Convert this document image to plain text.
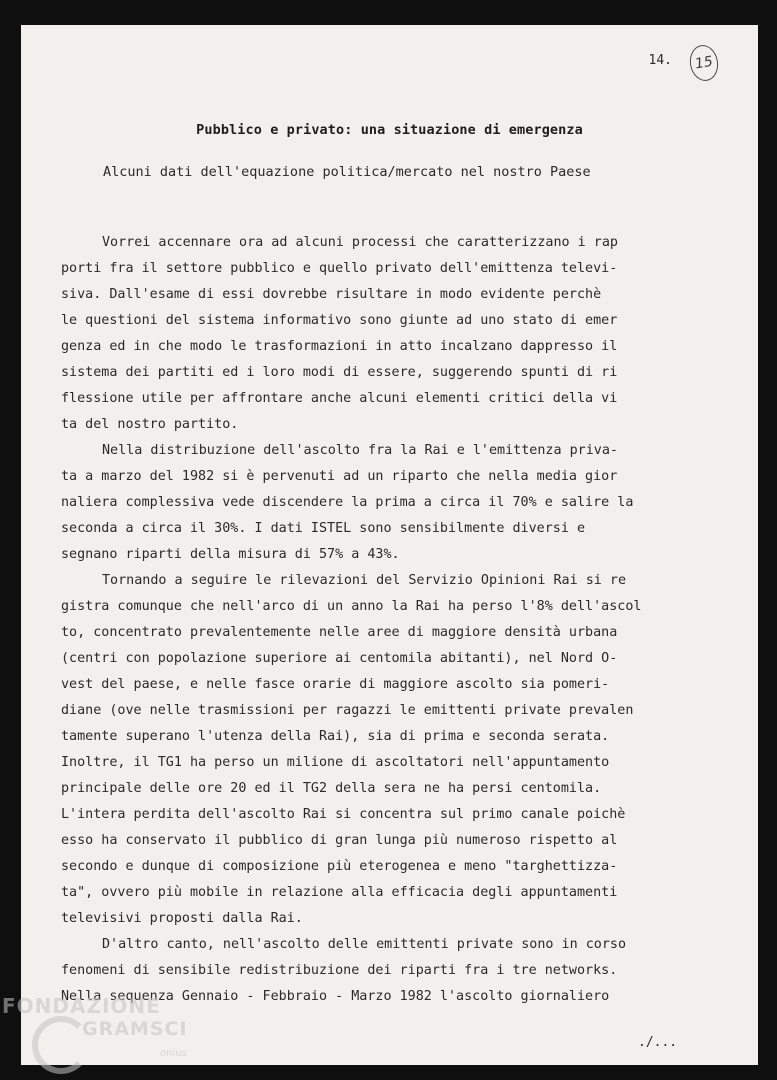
14.	15
Pubblico e privato: una situazione di emergenza
Alcuni dati dell'equazione politica/mercato nel nostro Paese
Vorrei accennare ora ad alcuni processi che caratterizzano i rap
porti fra il settore pubblico e quello privato dell'emittenza televi-
siva. Dall'esame di essi dovrebbe risultare in modo evidente perchè
le questioni del sistema informativo sono giunte ad uno stato di emer
genza ed in che modo le trasformazioni in atto incalzano dappresso il
sistema dei partiti ed i loro modi di essere, suggerendo spunti di ri
flessione utile per affrontare anche alcuni elementi critici della vi
ta del nostro partito.
Nella distribuzione dell'ascolto fra la Rai e l'emittenza priva-
ta a marzo del 1982 si è pervenuti ad un riparto che nella media gior
naliera complessiva vede discendere la prima a circa il 70% e salire la
seconda a circa il 30%. I dati ISTEL sono sensibilmente diversi e
segnano riparti della misura di 57% a 43%.
Tornando a seguire le rilevazioni del Servizio Opinioni Rai si re
gistra comunque che nell'arco di un anno la Rai ha perso l'8% dell'ascol
to, concentrato prevalentemente nelle aree di maggiore densità urbana
(centri con popolazione superiore ai centomila abitanti), nel Nord O-
vest del paese, e nelle fasce orarie di maggiore ascolto sia pomeri-
diane (ove nelle trasmissioni per ragazzi le emittenti private prevalen
tamente superano l'utenza della Rai), sia di prima e seconda serata.
Inoltre, il TG1 ha perso un milione di ascoltatori nell'appuntamento
principale delle ore 20 ed il TG2 della sera ne ha persi centomila.
L'intera perdita dell'ascolto Rai si concentra sul primo canale poichè
esso ha conservato il pubblico di gran lunga più numeroso rispetto al
secondo e dunque di composizione più eterogenea e meno "targhettizza-
ta", ovvero più mobile in relazione alla efficacia degli appuntamenti
televisivi proposti dalla Rai.
D'altro canto, nell'ascolto delle emittenti private sono in corso
fenomeni di sensibile redistribuzione dei riparti fra i tre networks.
Nella sequenza Gennaio - Febbraio - Marzo 1982 l'ascolto giornaliero
./...
FONDAZIONE
GRAMSCI
onlus
